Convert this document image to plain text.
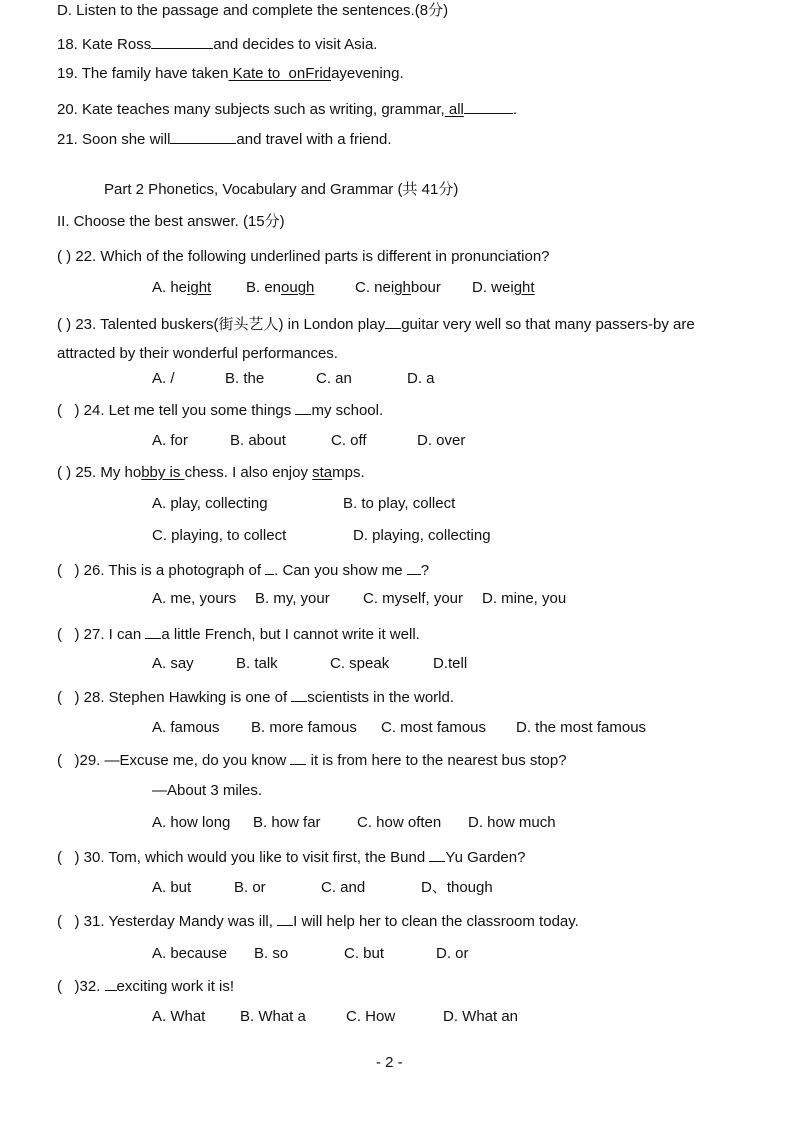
D. Listen to the passage and complete the sentences.(8分)
18. Kate Ross	and decides to visit Asia.
19. The family have taken Kate to  onFridayevening.
20. Kate teaches many subjects such as writing, grammar, all	.
21. Soon she will	and travel with a friend.
Part 2 Phonetics, Vocabulary and Grammar (共 41分)
II. Choose the best answer. (15分)
( ) 22. Which of the following underlined parts is different in pronunciation?
A. height B. enough	C. neighbour D. weight
( ) 23. Talented buskers(街头艺人) in London play guitar very well so that many passers-by are
attracted by their wonderful performances.
A. /	B. the	C. an	D. a
(   ) 24. Let me tell you some things my school.
A. for	B. about	C. off	D. over
( ) 25. My hobby is chess. I also enjoy stamps.
A. play, collecting	B. to play, collect
C. playing, to collect	D. playing, collecting
(   ) 26. This is a photograph of . Can you show me ?
A. me, yours B. my, your C. myself, your D. mine, you
(   ) 27. I can a little French, but I cannot write it well.
A. say	B. talk	C. speak	D.tell
(   ) 28. Stephen Hawking is one of scientists in the world.
A. famous B. more famous C. most famous D. the most famous
(   )29. —Excuse me, do you know  it is from here to the nearest bus stop?
—About 3 miles.
A. how long B. how far C. how often D. how much
(   ) 30. Tom, which would you like to visit first, the Bund Yu Garden?
A. but	B. or	C. and	D、though
(   ) 31. Yesterday Mandy was ill, I will help her to clean the classroom today.
A. because B. so	C. but	D. or
(   )32. exciting work it is!
A. What B. What a	C. How	D. What an
- 2 -
